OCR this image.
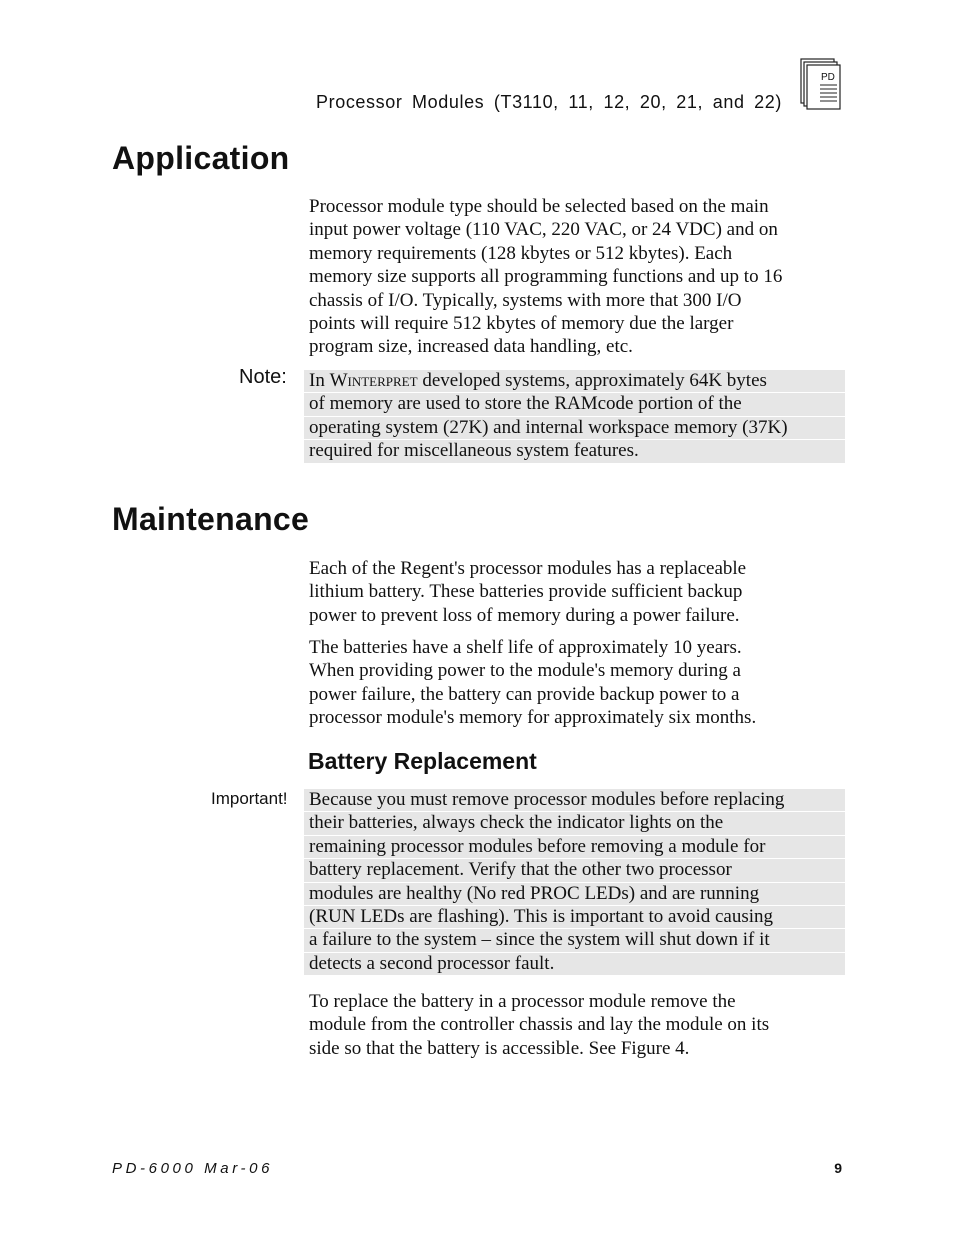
Processor Modules (T3110, 11, 12, 20, 21, and 22)
PD
Application
Processor module type should be selected based on the main
input power voltage (110 VAC, 220 VAC, or 24 VDC) and on
memory requirements (128 kbytes or 512 kbytes). Each
memory size supports all programming functions and up to 16
chassis of I/O. Typically, systems with more that 300 I/O
points will require 512 kbytes of memory due the larger
program size, increased data handling, etc.
Note: In Winterpret developed systems, approximately 64K bytes
of memory are used to store the RAMcode portion of the
operating system (27K) and internal workspace memory (37K)
required for miscellaneous system features.
Maintenance
Each of the Regent's processor modules has a replaceable
lithium battery. These batteries provide sufficient backup
power to prevent loss of memory during a power failure.
The batteries have a shelf life of approximately 10 years.
When providing power to the module's memory during a
power failure, the battery can provide backup power to a
processor module's memory for approximately six months.
Battery Replacement
Important! Because you must remove processor modules before replacing
their batteries, always check the indicator lights on the
remaining processor modules before removing a module for
battery replacement. Verify that the other two processor
modules are healthy (No red PROC LEDs) and are running
(RUN LEDs are flashing). This is important to avoid causing
a failure to the system – since the system will shut down if it
detects a second processor fault.
To replace the battery in a processor module remove the
module from the controller chassis and lay the module on its
side so that the battery is accessible. See Figure 4.
PD-6000 Mar-06	9
